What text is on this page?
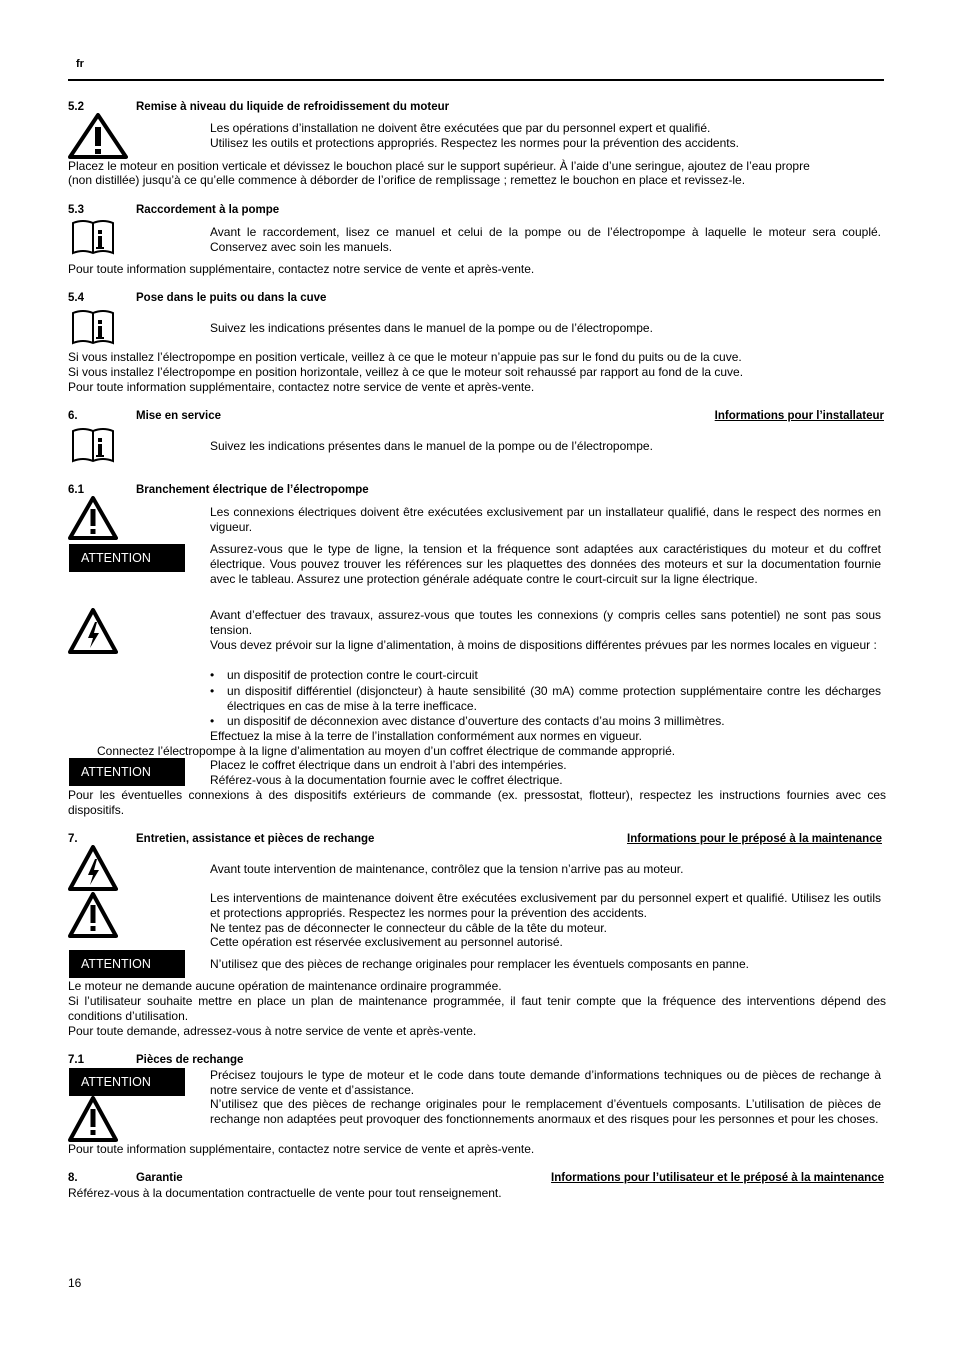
fr
5.2	Remise à niveau du liquide de refroidissement du moteur
Les opérations d’installation ne doivent être exécutées que par du personnel expert et qualifié.
Utilisez les outils et protections appropriés. Respectez les normes pour la prévention des accidents.
Placez le moteur en position verticale et dévissez le bouchon placé sur le support supérieur. À l’aide d’une seringue, ajoutez de l’eau propre
(non distillée) jusqu’à ce qu’elle commence à déborder de l’orifice de remplissage ; remettez le bouchon en place et revissez-le.
5.3	Raccordement à la pompe
Avant le raccordement, lisez ce manuel et celui de la pompe ou de l’électropompe à laquelle le moteur sera couplé. Conservez avec soin les manuels.
Pour toute information supplémentaire, contactez notre service de vente et après-vente.
5.4	Pose dans le puits ou dans la cuve
Suivez les indications présentes dans le manuel de la pompe ou de l’électropompe.
Si vous installez l’électropompe en position verticale, veillez à ce que le moteur n’appuie pas sur le fond du puits ou de la cuve.
Si vous installez l’électropompe en position horizontale, veillez à ce que le moteur soit rehaussé par rapport au fond de la cuve.
Pour toute information supplémentaire, contactez notre service de vente et après-vente.
6.	Mise en service	Informations pour l’installateur
Suivez les indications présentes dans le manuel de la pompe ou de l’électropompe.
6.1	Branchement électrique de l’électropompe
Les connexions électriques doivent être exécutées exclusivement par un installateur qualifié, dans le respect des normes en vigueur.
ATTENTION
Assurez-vous que le type de ligne, la tension et la fréquence sont adaptées aux caractéristiques du moteur et du coffret électrique. Vous pouvez trouver les références sur les plaquettes des données des moteurs et sur la documentation fournie avec le tableau. Assurez une protection générale adéquate contre le court-circuit sur la ligne électrique.
Avant d’effectuer des travaux, assurez-vous que toutes les connexions (y compris celles sans potentiel) ne sont pas sous tension.
Vous devez prévoir sur la ligne d’alimentation, à moins de dispositions différentes prévues par les normes locales en vigueur :
• un dispositif de protection contre le court-circuit
• un dispositif différentiel (disjoncteur) à haute sensibilité (30 mA) comme protection supplémentaire contre les décharges électriques en cas de mise à la terre inefficace.
• un dispositif de déconnexion avec distance d’ouverture des contacts d’au moins 3 millimètres.
Effectuez la mise à la terre de l’installation conformément aux normes en vigueur.
Connectez l’électropompe à la ligne d’alimentation au moyen d’un coffret électrique de commande approprié.
ATTENTION	Placez le coffret électrique dans un endroit à l’abri des intempéries.
Référez-vous à la documentation fournie avec le coffret électrique.
Pour les éventuelles connexions à des dispositifs extérieurs de commande (ex. pressostat, flotteur), respectez les instructions fournies avec ces dispositifs.
7.	Entretien, assistance et pièces de rechange	Informations pour le préposé à la maintenance
Avant toute intervention de maintenance, contrôlez que la tension n’arrive pas au moteur.
Les interventions de maintenance doivent être exécutées exclusivement par du personnel expert et qualifié. Utilisez les outils et protections appropriés. Respectez les normes pour la prévention des accidents.
Ne tentez pas de déconnecter le connecteur du câble de la tête du moteur.
Cette opération est réservée exclusivement au personnel autorisé.
ATTENTION	N’utilisez que des pièces de rechange originales pour remplacer les éventuels composants en panne.
Le moteur ne demande aucune opération de maintenance ordinaire programmée.
Si l’utilisateur souhaite mettre en place un plan de maintenance programmée, il faut tenir compte que la fréquence des interventions dépend des conditions d’utilisation.
Pour toute demande, adressez-vous à notre service de vente et après-vente.
7.1	Pièces de rechange
ATTENTION	Précisez toujours le type de moteur et le code dans toute demande d’informations techniques ou de pièces de rechange à notre service de vente et d’assistance.
N’utilisez que des pièces de rechange originales pour le remplacement d’éventuels composants. L’utilisation de pièces de rechange non adaptées peut provoquer des fonctionnements anormaux et des risques pour les personnes et pour les choses.
Pour toute information supplémentaire, contactez notre service de vente et après-vente.
8.	Garantie	Informations pour l’utilisateur et le préposé à la maintenance
Référez-vous à la documentation contractuelle de vente pour tout renseignement.
16
